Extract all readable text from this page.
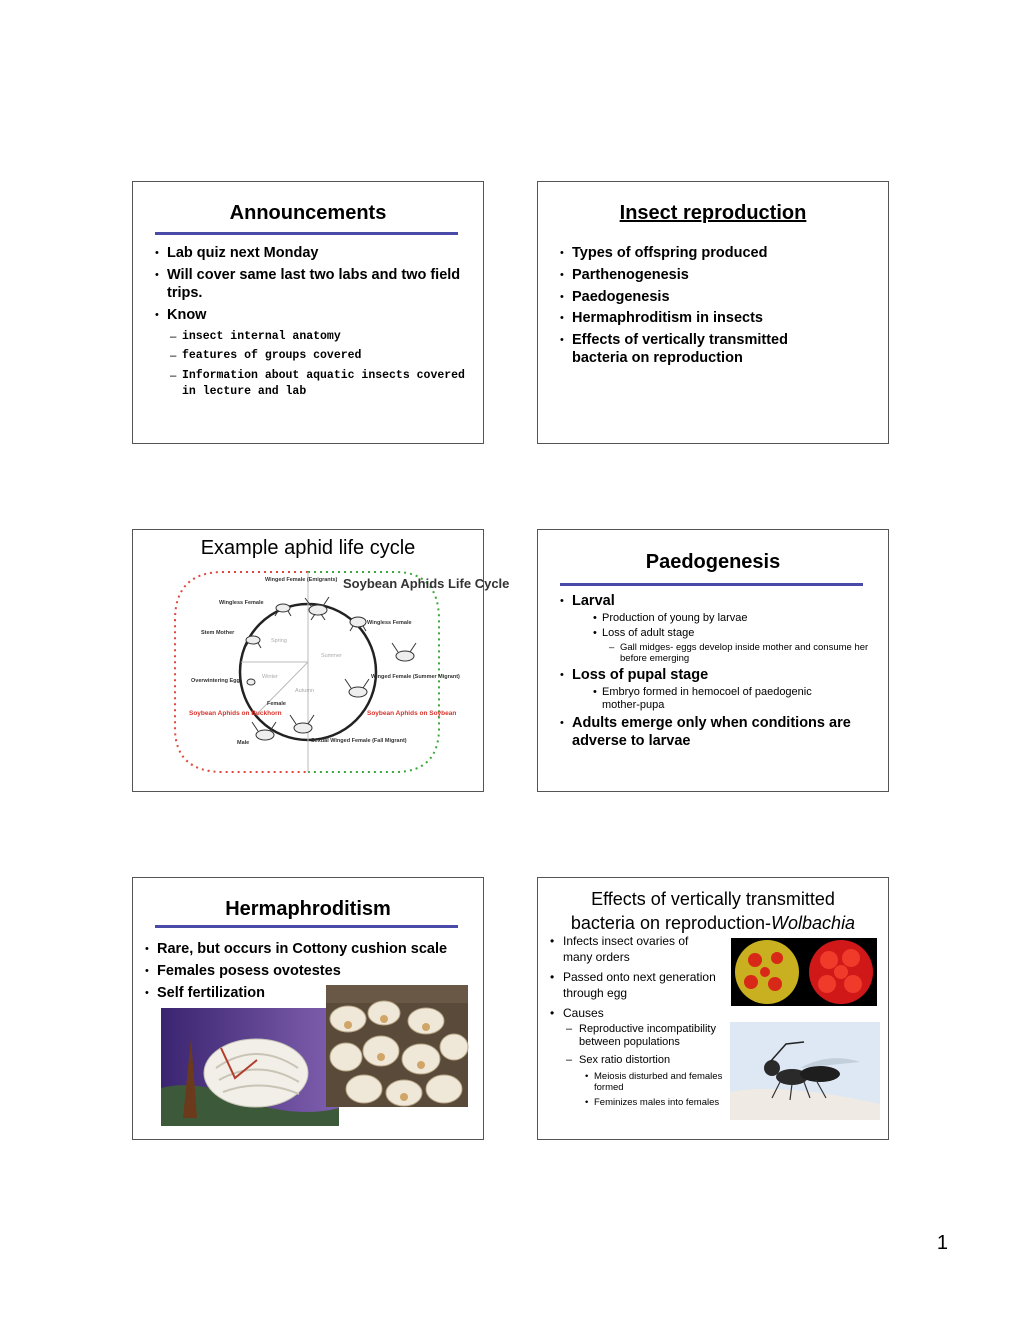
Announcements
• Lab quiz next Monday
• Will cover same last two labs and two field trips.
• Know
– insect internal anatomy
– features of groups covered
– Information about aquatic insects covered in lecture and lab
Insect reproduction
• Types of offspring produced
• Parthenogenesis
• Paedogenesis
• Hermaphroditism in insects
• Effects of vertically transmitted bacteria on reproduction
Example aphid life cycle
Soybean Aphids Life Cycle
Winged Female (Emigrants)
Wingless Female
Wingless Female
Stem Mother
Winged Female (Summer Migrant)
Overwintering Egg
Female
Male	Sexual Winged Female (Fall Migrant)
Spring
Summer
Winter
Autumn
Soybean Aphids on Buckhorn	Soybean Aphids on Soybean
Paedogenesis
• Larval
• Production of young by larvae
• Loss of adult stage
– Gall midges- eggs develop inside mother and consume her before emerging
• Loss of pupal stage
• Embryo formed in hemocoel of paedogenic mother-pupa
• Adults emerge only when conditions are adverse to larvae
Hermaphroditism
• Rare, but occurs in Cottony cushion scale
• Females posess ovotestes
• Self fertilization
Effects of vertically transmitted
bacteria on reproduction-Wolbachia
• Infects insect ovaries of many orders
• Passed onto next generation through egg
• Causes
– Reproductive incompatibility between populations
– Sex ratio distortion
• Meiosis disturbed and females formed
• Feminizes males into females
1
